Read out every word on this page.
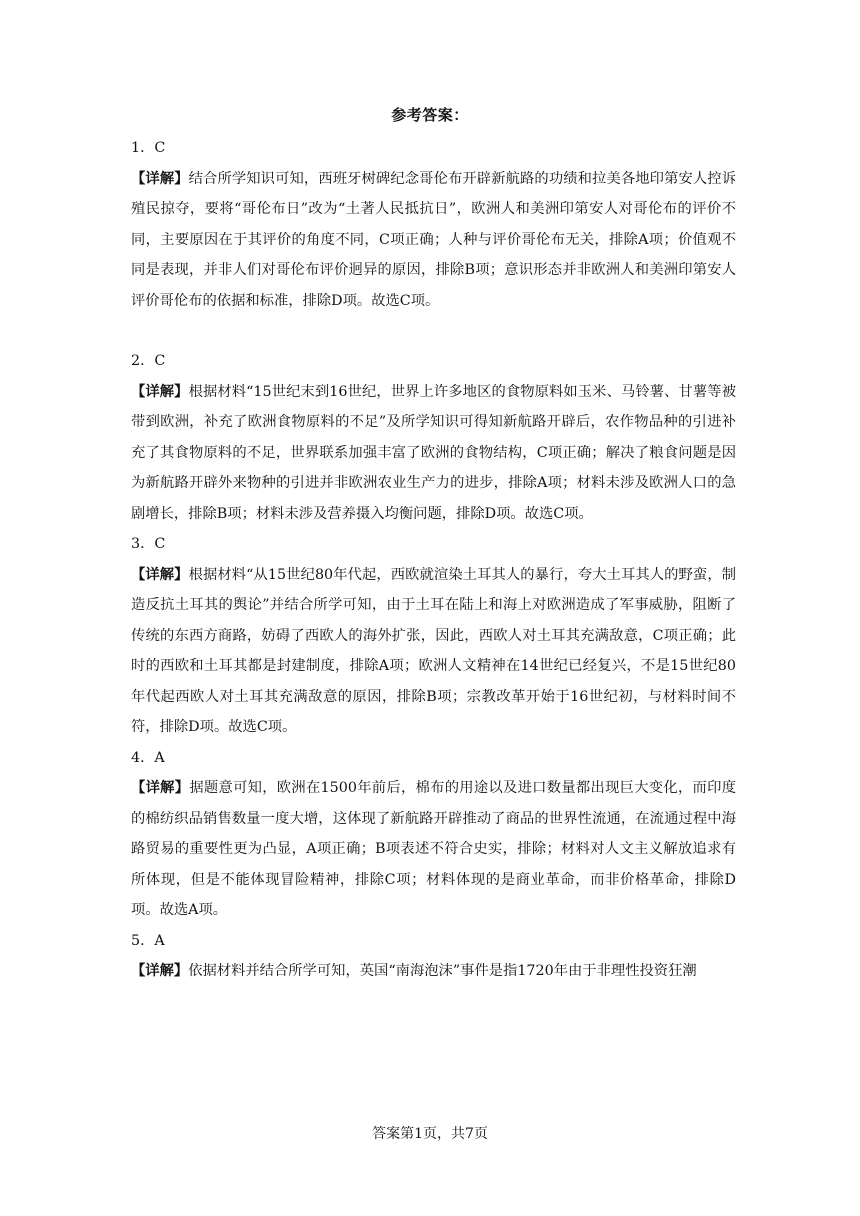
参考答案：

1．C

【详解】结合所学知识可知，西班牙树碑纪念哥伦布开辟新航路的功绩和拉美各地印第安人控诉殖民掠夺，要将“哥伦布日”改为“土著人民抵抗日”，欧洲人和美洲印第安人对哥伦布的评价不同，主要原因在于其评价的角度不同，C项正确；人种与评价哥伦布无关，排除A项；价值观不同是表现，并非人们对哥伦布评价迥异的原因，排除B项；意识形态并非欧洲人和美洲印第安人评价哥伦布的依据和标准，排除D项。故选C项。

2．C

【详解】根据材料“15世纪末到16世纪，世界上许多地区的食物原料如玉米、马铃薯、甘薯等被带到欧洲，补充了欧洲食物原料的不足”及所学知识可得知新航路开辟后，农作物品种的引进补充了其食物原料的不足，世界联系加强丰富了欧洲的食物结构，C项正确；解决了粮食问题是因为新航路开辟外来物种的引进并非欧洲农业生产力的进步，排除A项；材料未涉及欧洲人口的急剧增长，排除B项；材料未涉及营养摄入均衡问题，排除D项。故选C项。

3．C

【详解】根据材料“从15世纪80年代起，西欧就渲染土耳其人的暴行，夸大土耳其人的野蛮，制造反抗土耳其的舆论”并结合所学可知，由于土耳在陆上和海上对欧洲造成了军事威胁，阻断了传统的东西方商路，妨碍了西欧人的海外扩张，因此，西欧人对土耳其充满敌意，C项正确；此时的西欧和土耳其都是封建制度，排除A项；欧洲人文精神在14世纪已经复兴，不是15世纪80年代起西欧人对土耳其充满敌意的原因，排除B项；宗教改革开始于16世纪初，与材料时间不符，排除D项。故选C项。

4．A

【详解】据题意可知，欧洲在1500年前后，棉布的用途以及进口数量都出现巨大变化，而印度的棉纺织品销售数量一度大增，这体现了新航路开辟推动了商品的世界性流通，在流通过程中海路贸易的重要性更为凸显，A项正确；B项表述不符合史实，排除；材料对人文主义解放追求有所体现，但是不能体现冒险精神，排除C项；材料体现的是商业革命，而非价格革命，排除D项。故选A项。

5．A

【详解】依据材料并结合所学可知，英国“南海泡沫”事件是指1720年由于非理性投资狂潮

答案第1页，共7页
